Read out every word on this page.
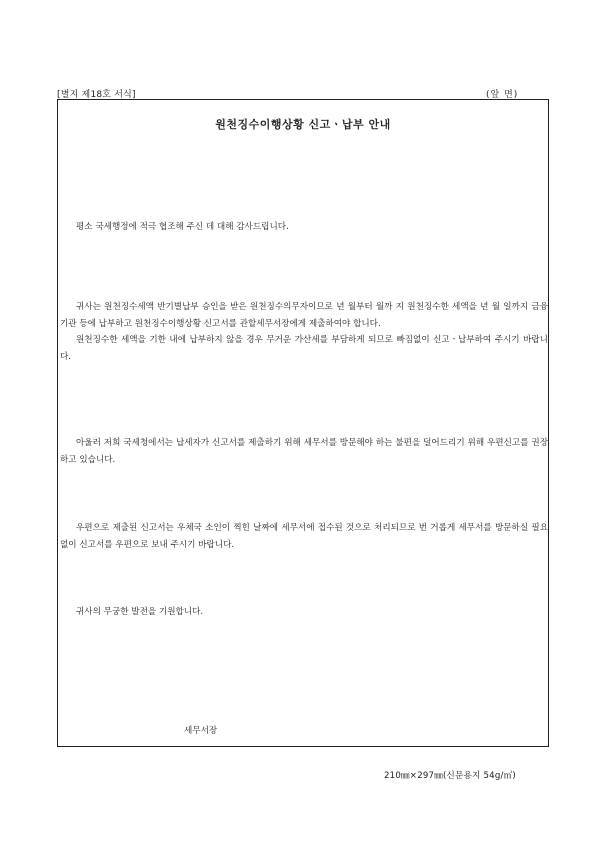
[별지 제18호 서식]	(앞 면)
원천징수이행상황 신고ㆍ납부 안내

평소 국세행정에 적극 협조해 주신 데 대해 감사드립니다.

귀사는 원천징수세액 반기별납부 승인을 받은 원천징수의무자이므로 년 월부터 월까 지 원천징수한 세액을 년 월 일까지 금융기관 등에 납부하고 원천징수이행상황 신고서를 관할세무서장에게 제출하여야 합니다.

원천징수한 세액을 기한 내에 납부하지 않을 경우 무거운 가산세를 부담하게 되므로 빠짐없이 신고ㆍ납부하여 주시기 바랍니다.

아울러 저희 국세청에서는 납세자가 신고서를 제출하기 위해 세무서를 방문해야 하는 불편을 덜어드리기 위해 우편신고를 권장하고 있습니다.

우편으로 제출된 신고서는 우체국 소인이 찍힌 날짜에 세무서에 접수된 것으로 처리되므로 번 거롭게 세무서를 방문하실 필요 없이 신고서를 우편으로 보내 주시기 바랍니다.

귀사의 무궁한 발전을 기원합니다.

세무서장
210㎜×297㎜(신문용지 54g/㎡)
